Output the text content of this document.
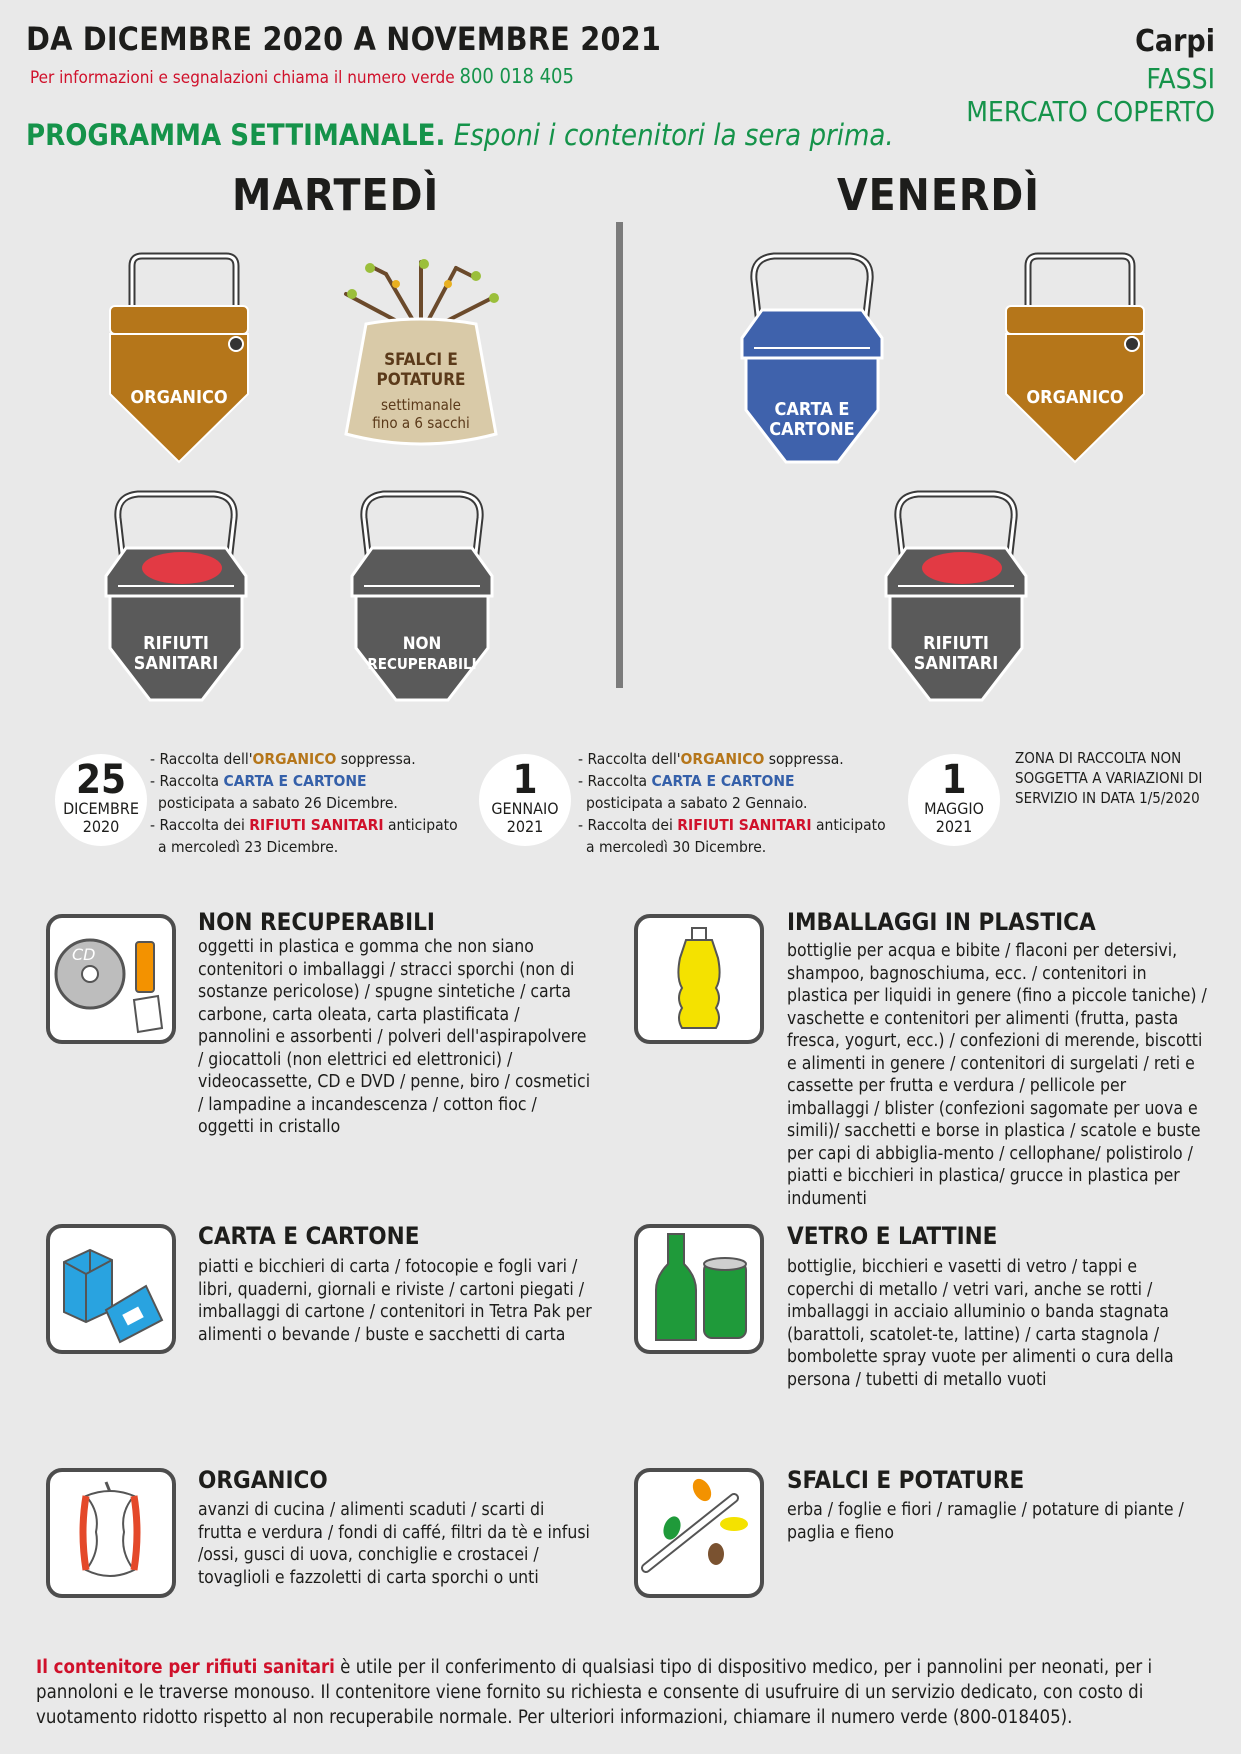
DA DICEMBRE 2020 A NOVEMBRE 2021
Per informazioni e segnalazioni chiama il numero verde 800 018 405
Carpi
FASSI
MERCATO COPERTO
PROGRAMMA SETTIMANALE. Esponi i contenitori la sera prima.
MARTEDÌ	VENERDÌ
ORGANICO
SFALCI E
POTATURE
settimanale
fino a 6 sacchi
RIFIUTI
SANITARI
NON
RECUPERABILI
CARTA E
CARTONE
ORGANICO
RIFIUTI
SANITARI
25
DICEMBRE
2020
- Raccolta dell'ORGANICO soppressa.
- Raccolta CARTA E CARTONE
posticipata a sabato 26 Dicembre.
- Raccolta dei RIFIUTI SANITARI anticipato
a mercoledì 23 Dicembre.
1
GENNAIO
2021
- Raccolta dell'ORGANICO soppressa.
- Raccolta CARTA E CARTONE
posticipata a sabato 2 Gennaio.
- Raccolta dei RIFIUTI SANITARI anticipato
a mercoledì 30 Dicembre.
1
MAGGIO
2021
ZONA DI RACCOLTA NON SOGGETTA A VARIAZIONI DI SERVIZIO IN DATA 1/5/2020
CD
NON RECUPERABILI
oggetti in plastica e gomma che non siano contenitori o imballaggi / stracci sporchi (non di sostanze pericolose) / spugne sintetiche / carta carbone, carta oleata, carta plastificata / pannolini e assorbenti / polveri dell'aspirapolvere / giocattoli (non elettrici ed elettronici) / videocassette, CD e DVD / penne, biro / cosmetici / lampadine a incandescenza / cotton fioc / oggetti in cristallo
IMBALLAGGI IN PLASTICA
bottiglie per acqua e bibite / flaconi per detersivi, shampoo, bagnoschiuma, ecc. / contenitori in plastica per liquidi in genere (fino a piccole taniche) / vaschette e contenitori per alimenti (frutta, pasta fresca, yogurt, ecc.) / confezioni di merende, biscotti e alimenti in genere / contenitori di surgelati / reti e cassette per frutta e verdura / pellicole per imballaggi / blister (confezioni sagomate per uova e simili)/ sacchetti e borse in plastica / scatole e buste per capi di abbiglia-mento / cellophane/ polistirolo / piatti e bicchieri in plastica/ grucce in plastica per indumenti
CARTA E CARTONE
piatti e bicchieri di carta / fotocopie e fogli vari / libri, quaderni, giornali e riviste / cartoni piegati / imballaggi di cartone / contenitori in Tetra Pak per alimenti o bevande / buste e sacchetti di carta
VETRO E LATTINE
bottiglie, bicchieri e vasetti di vetro / tappi e coperchi di metallo / vetri vari, anche se rotti / imballaggi in acciaio alluminio o banda stagnata (barattoli, scatolet-te, lattine) / carta stagnola / bombolette spray vuote per alimenti o cura della persona / tubetti di metallo vuoti
ORGANICO
avanzi di cucina / alimenti scaduti / scarti di frutta e verdura / fondi di caffé, filtri da tè e infusi /ossi, gusci di uova, conchiglie e crostacei / tovaglioli e fazzoletti di carta sporchi o unti
SFALCI E POTATURE
erba / foglie e fiori / ramaglie / potature di piante / paglia e fieno
Il contenitore per rifiuti sanitari è utile per il conferimento di qualsiasi tipo di dispositivo medico, per i pannolini per neonati, per i pannoloni e le traverse monouso. Il contenitore viene fornito su richiesta e consente di usufruire di un servizio dedicato, con costo di vuotamento ridotto rispetto al non recuperabile normale. Per ulteriori informazioni, chiamare il numero verde (800-018405).
